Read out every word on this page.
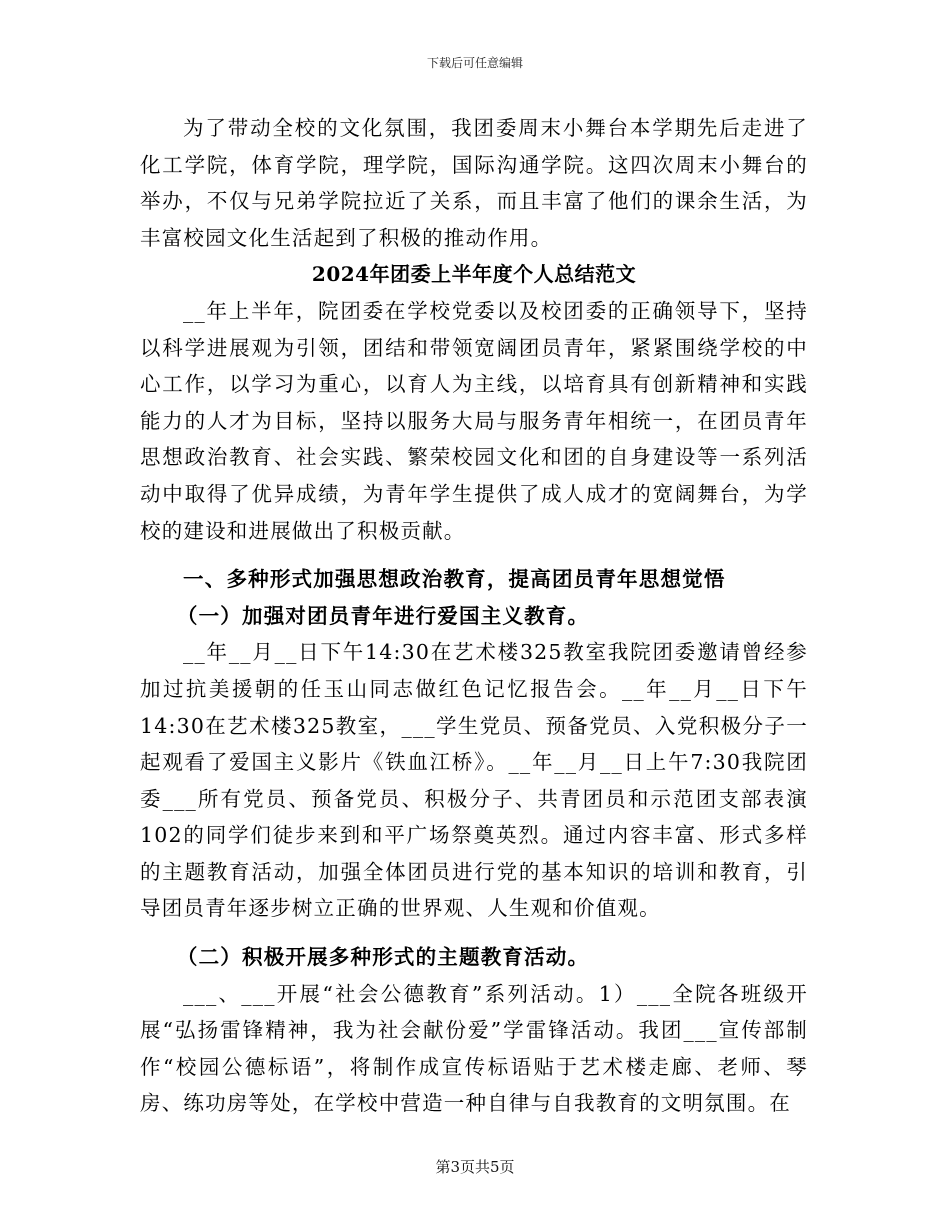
下载后可任意编辑

为了带动全校的文化氛围，我团委周末小舞台本学期先后走进了化工学院，体育学院，理学院，国际沟通学院。这四次周末小舞台的举办，不仅与兄弟学院拉近了关系，而且丰富了他们的课余生活，为丰富校园文化生活起到了积极的推动作用。

2024年团委上半年度个人总结范文

__年上半年，院团委在学校党委以及校团委的正确领导下，坚持以科学进展观为引领，团结和带领宽阔团员青年，紧紧围绕学校的中心工作，以学习为重心，以育人为主线，以培育具有创新精神和实践能力的人才为目标，坚持以服务大局与服务青年相统一，在团员青年思想政治教育、社会实践、繁荣校园文化和团的自身建设等一系列活动中取得了优异成绩，为青年学生提供了成人成才的宽阔舞台，为学校的建设和进展做出了积极贡献。

一、多种形式加强思想政治教育，提高团员青年思想觉悟

（一）加强对团员青年进行爱国主义教育。

__年__月__日下午14:30在艺术楼325教室我院团委邀请曾经参加过抗美援朝的任玉山同志做红色记忆报告会。__年__月__日下午14:30在艺术楼325教室，___学生党员、预备党员、入党积极分子一起观看了爱国主义影片《铁血江桥》。__年__月__日上午7:30我院团委___所有党员、预备党员、积极分子、共青团员和示范团支部表演102的同学们徒步来到和平广场祭奠英烈。通过内容丰富、形式多样的主题教育活动，加强全体团员进行党的基本知识的培训和教育，引导团员青年逐步树立正确的世界观、人生观和价值观。

（二）积极开展多种形式的主题教育活动。

___、___开展“社会公德教育”系列活动。1）___全院各班级开展“弘扬雷锋精神，我为社会献份爱”学雷锋活动。我团___宣传部制作“校园公德标语”，将制作成宣传标语贴于艺术楼走廊、老师、琴房、练功房等处，在学校中营造一种自律与自我教育的文明氛围。在

第3页共5页
